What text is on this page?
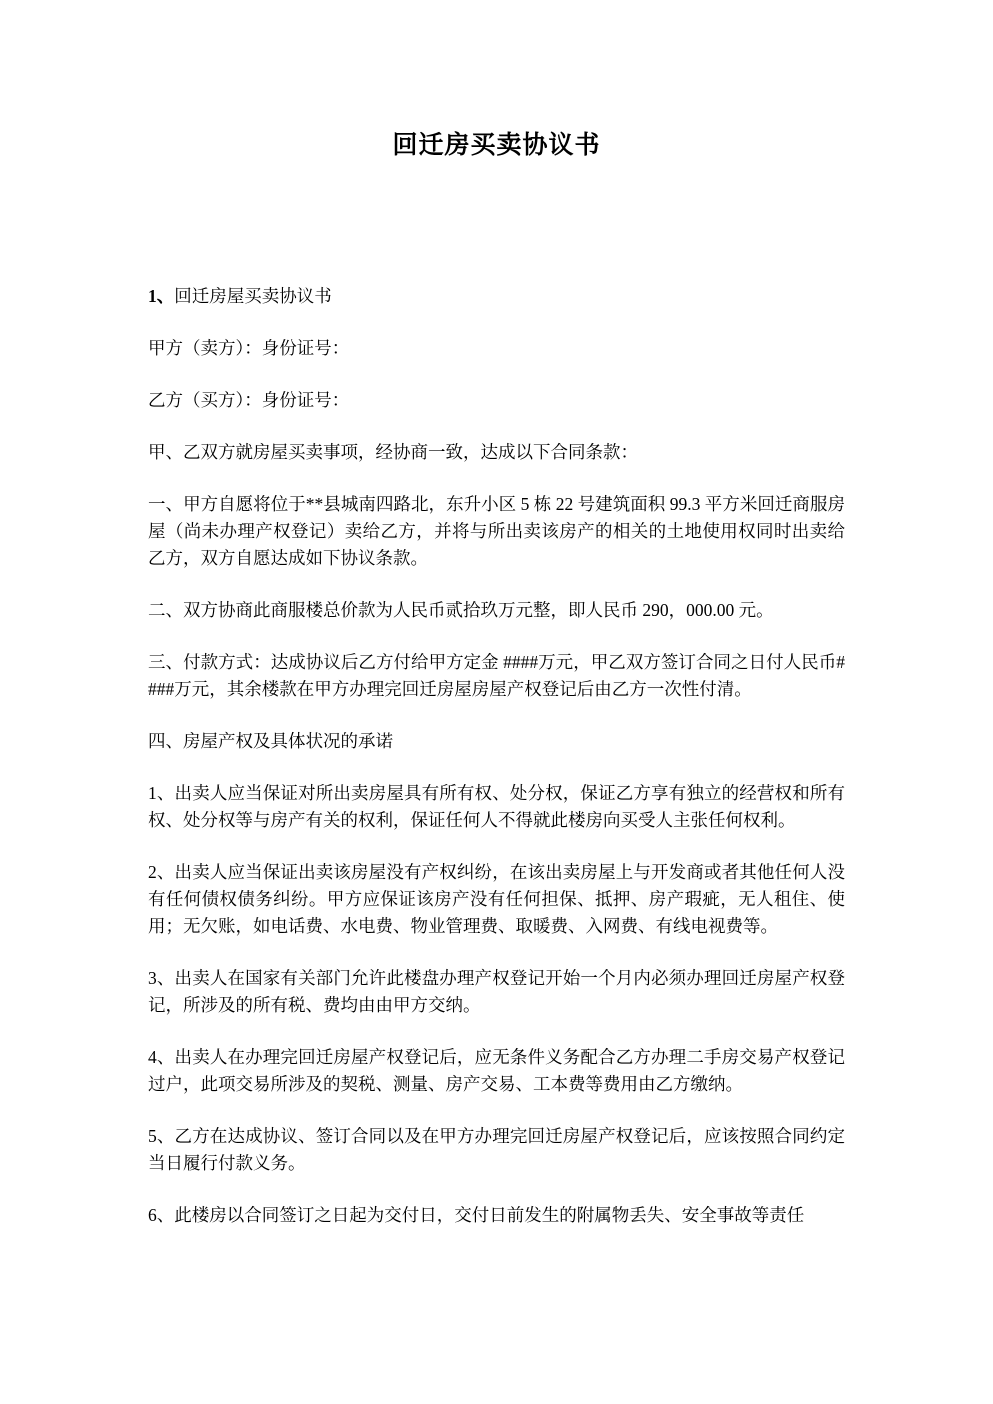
回迁房买卖协议书

1、回迁房屋买卖协议书

甲方（卖方）：身份证号：

乙方（买方）：身份证号：

甲、乙双方就房屋买卖事项，经协商一致，达成以下合同条款：

一、甲方自愿将位于**县城南四路北，东升小区 5 栋 22 号建筑面积 99.3 平方米回迁商服房屋（尚未办理产权登记）卖给乙方，并将与所出卖该房产的相关的土地使用权同时出卖给乙方，双方自愿达成如下协议条款。

二、双方协商此商服楼总价款为人民币贰拾玖万元整，即人民币 290，000.00 元。

三、付款方式：达成协议后乙方付给甲方定金 ####万元，甲乙双方签订合同之日付人民币####万元，其余楼款在甲方办理完回迁房屋房屋产权登记后由乙方一次性付清。

四、房屋产权及具体状况的承诺

1、出卖人应当保证对所出卖房屋具有所有权、处分权，保证乙方享有独立的经营权和所有权、处分权等与房产有关的权利，保证任何人不得就此楼房向买受人主张任何权利。

2、出卖人应当保证出卖该房屋没有产权纠纷，在该出卖房屋上与开发商或者其他任何人没有任何债权债务纠纷。甲方应保证该房产没有任何担保、抵押、房产瑕疵，无人租住、使用；无欠账，如电话费、水电费、物业管理费、取暖费、入网费、有线电视费等。

3、出卖人在国家有关部门允许此楼盘办理产权登记开始一个月内必须办理回迁房屋产权登记，所涉及的所有税、费均由由甲方交纳。

4、出卖人在办理完回迁房屋产权登记后，应无条件义务配合乙方办理二手房交易产权登记过户，此项交易所涉及的契税、测量、房产交易、工本费等费用由乙方缴纳。

5、乙方在达成协议、签订合同以及在甲方办理完回迁房屋产权登记后，应该按照合同约定当日履行付款义务。

6、此楼房以合同签订之日起为交付日，交付日前发生的附属物丢失、安全事故等责任
